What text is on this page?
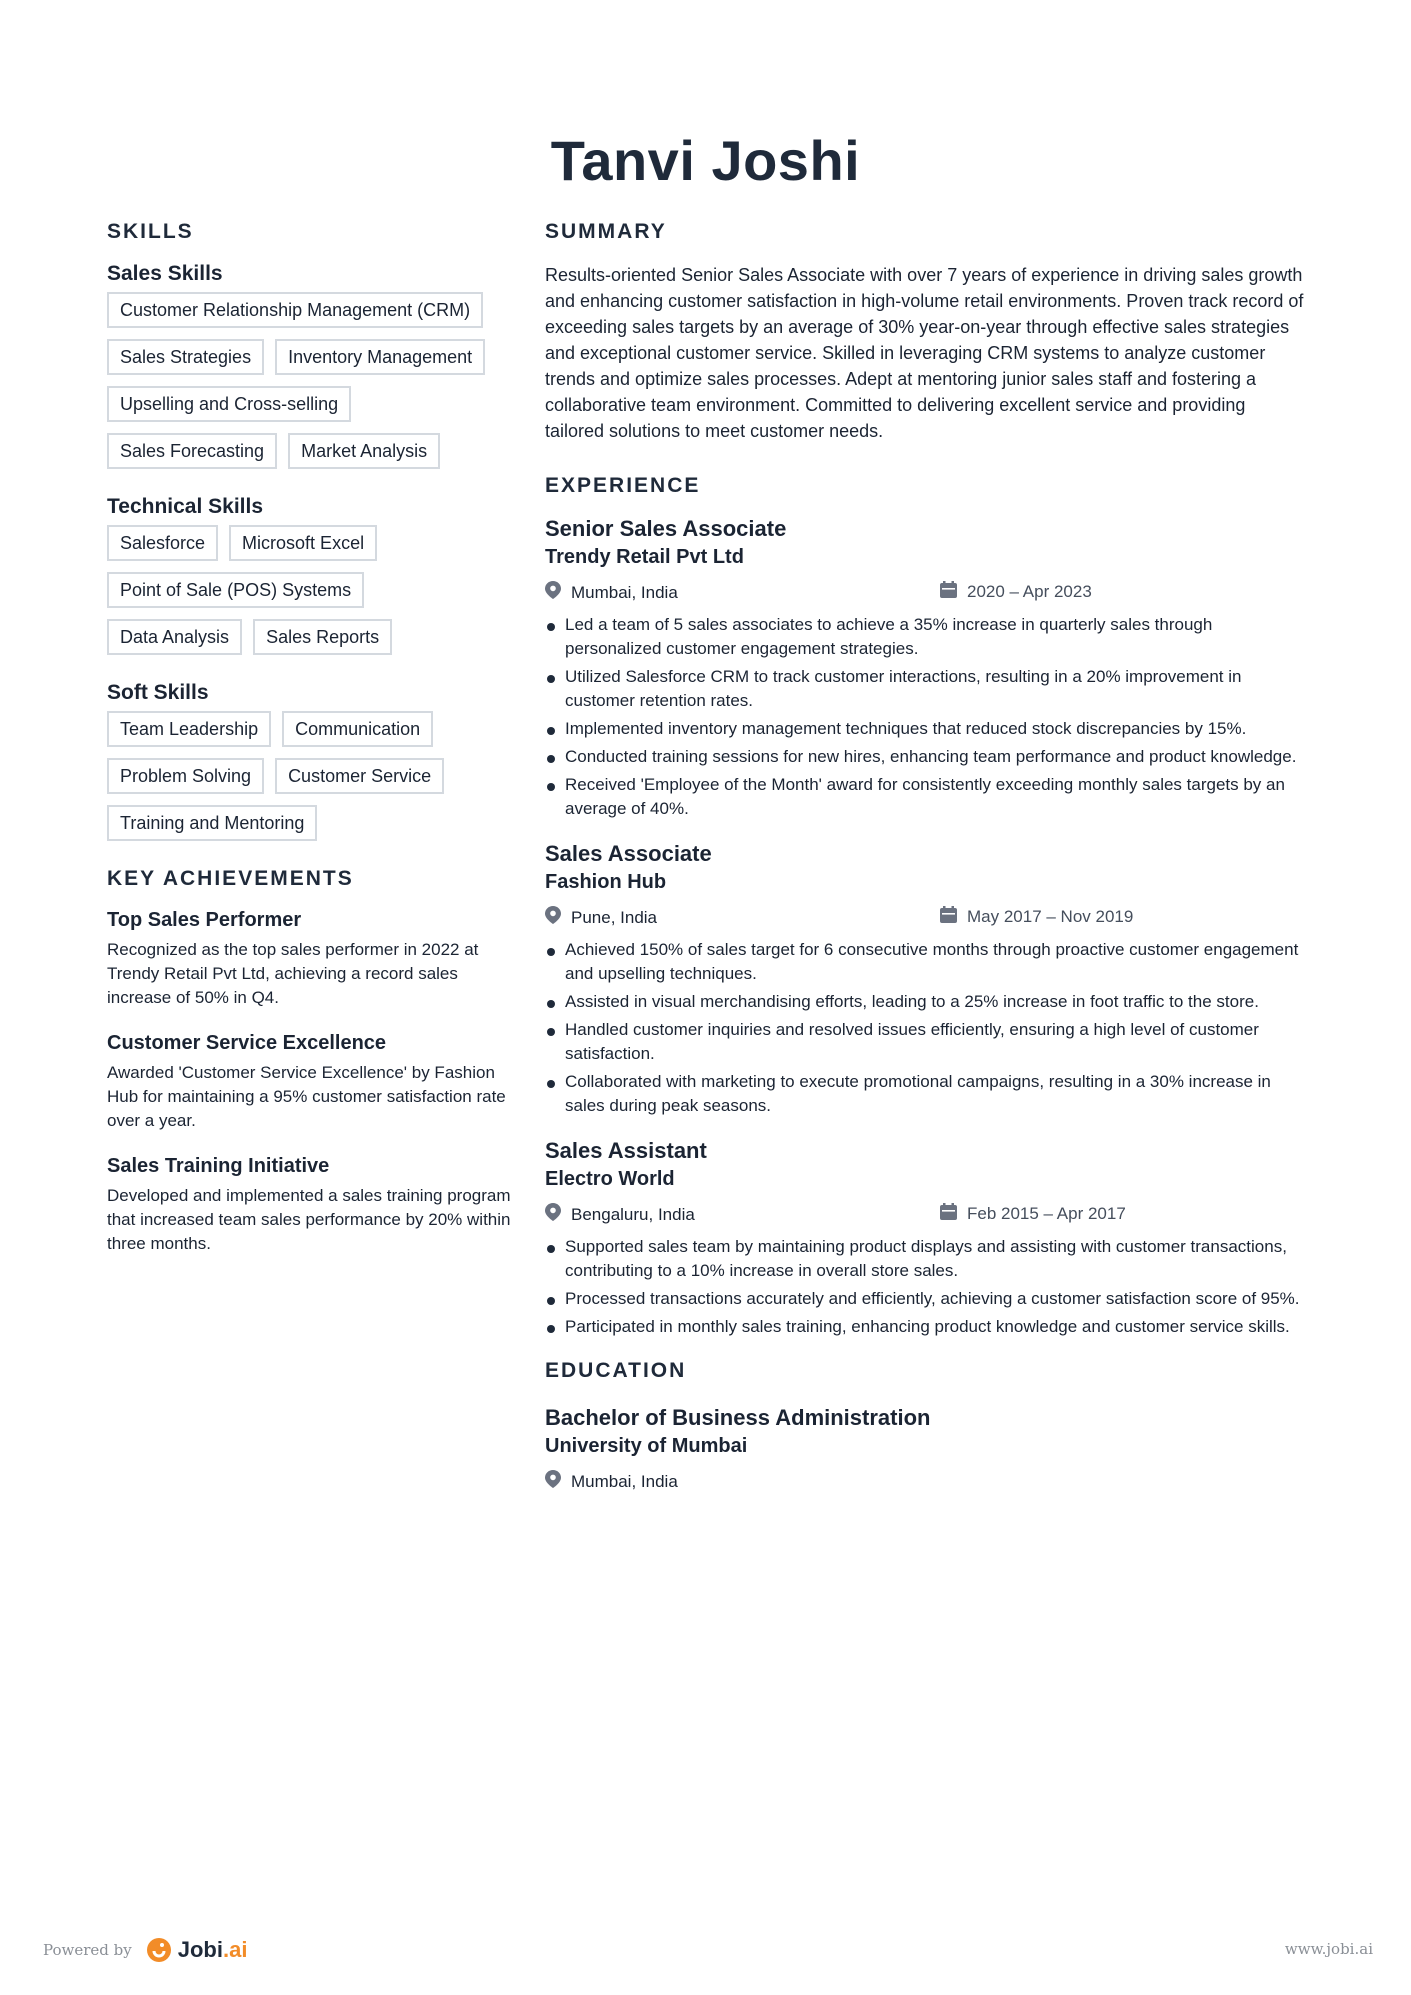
Tanvi Joshi
SKILLS
Sales Skills
Customer Relationship Management (CRM)
Sales Strategies	Inventory Management
Upselling and Cross-selling
Sales Forecasting	Market Analysis
Technical Skills
Salesforce	Microsoft Excel
Point of Sale (POS) Systems
Data Analysis	Sales Reports
Soft Skills
Team Leadership	Communication
Problem Solving	Customer Service
Training and Mentoring
KEY ACHIEVEMENTS
Top Sales Performer

Recognized as the top sales performer in 2022 at Trendy Retail Pvt Ltd, achieving a record sales increase of 50% in Q4.

Customer Service Excellence

Awarded 'Customer Service Excellence' by Fashion Hub for maintaining a 95% customer satisfaction rate over a year.

Sales Training Initiative

Developed and implemented a sales training program that increased team sales performance by 20% within three months.

SUMMARY

Results-oriented Senior Sales Associate with over 7 years of experience in driving sales growth and enhancing customer satisfaction in high-volume retail environments. Proven track record of exceeding sales targets by an average of 30% year-on-year through effective sales strategies and exceptional customer service. Skilled in leveraging CRM systems to analyze customer trends and optimize sales processes. Adept at mentoring junior sales staff and fostering a collaborative team environment. Committed to delivering excellent service and providing tailored solutions to meet customer needs.

EXPERIENCE
Senior Sales Associate
Trendy Retail Pvt Ltd
Mumbai, India	2020 – Apr 2023
Led a team of 5 sales associates to achieve a 35% increase in quarterly sales through personalized customer engagement strategies.
Utilized Salesforce CRM to track customer interactions, resulting in a 20% improvement in customer retention rates.
Implemented inventory management techniques that reduced stock discrepancies by 15%.
Conducted training sessions for new hires, enhancing team performance and product knowledge.
Received 'Employee of the Month' award for consistently exceeding monthly sales targets by an average of 40%.
Sales Associate
Fashion Hub
Pune, India	May 2017 – Nov 2019
Achieved 150% of sales target for 6 consecutive months through proactive customer engagement and upselling techniques.
Assisted in visual merchandising efforts, leading to a 25% increase in foot traffic to the store.
Handled customer inquiries and resolved issues efficiently, ensuring a high level of customer satisfaction.
Collaborated with marketing to execute promotional campaigns, resulting in a 30% increase in sales during peak seasons.
Sales Assistant
Electro World
Bengaluru, India	Feb 2015 – Apr 2017
Supported sales team by maintaining product displays and assisting with customer transactions, contributing to a 10% increase in overall store sales.
Processed transactions accurately and efficiently, achieving a customer satisfaction score of 95%.
Participated in monthly sales training, enhancing product knowledge and customer service skills.
EDUCATION
Bachelor of Business Administration
University of Mumbai
Mumbai, India
Powered by Jobi.ai	www.jobi.ai
